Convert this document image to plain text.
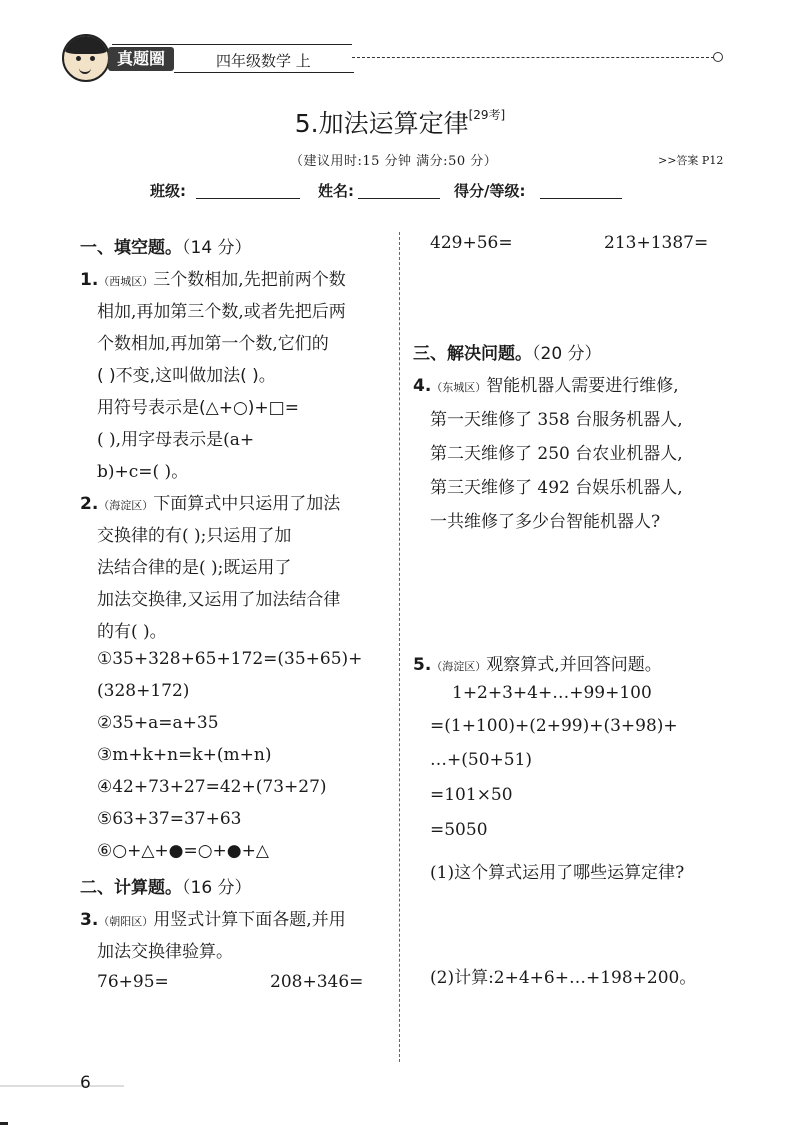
真题圈	四年级数学 上
5.加法运算定律[29考]
（建议用时:15 分钟 满分:50 分）	>>答案 P12
班级:	姓名:	得分/等级:
一、填空题。（14 分）
1.（西城区）三个数相加,先把前两个数
相加,再加第三个数,或者先把后两
个数相加,再加第一个数,它们的
( )不变,这叫做加法( )。
用符号表示是(△+○)+□=
( ),用字母表示是(a+
b)+c=( )。
2.（海淀区）下面算式中只运用了加法
交换律的有( );只运用了加
法结合律的是( );既运用了
加法交换律,又运用了加法结合律
的有( )。
①35+328+65+172=(35+65)+
(328+172)
②35+a=a+35
③m+k+n=k+(m+n)
④42+73+27=42+(73+27)
⑤63+37=37+63
⑥○+△+●=○+●+△
二、计算题。（16 分）
3.（朝阳区）用竖式计算下面各题,并用
加法交换律验算。
76+95=	208+346=
429+56=	213+1387=
三、解决问题。（20 分）
4.（东城区）智能机器人需要进行维修,
第一天维修了 358 台服务机器人,
第二天维修了 250 台农业机器人,
第三天维修了 492 台娱乐机器人,
一共维修了多少台智能机器人?
5.（海淀区）观察算式,并回答问题。
1+2+3+4+…+99+100
=(1+100)+(2+99)+(3+98)+
…+(50+51)
=101×50
=5050
(1)这个算式运用了哪些运算定律?
(2)计算:2+4+6+…+198+200。
6
